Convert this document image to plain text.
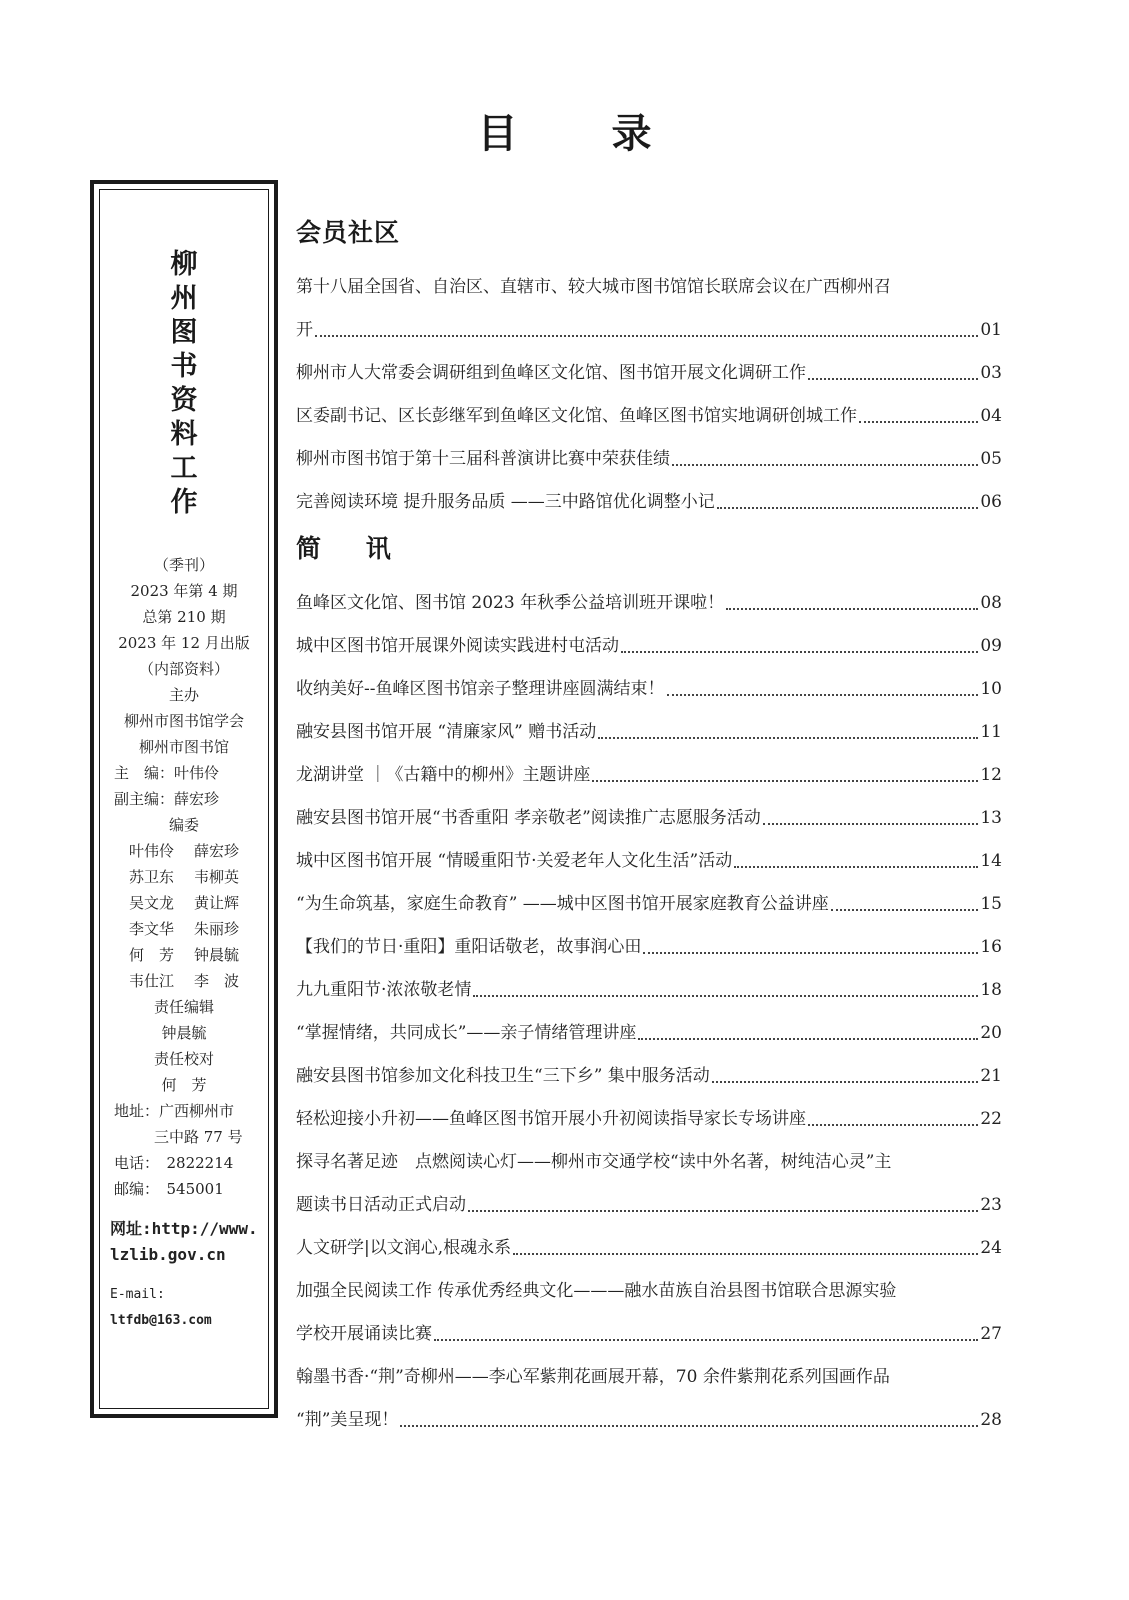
目 录
柳
州
图
书
资
料
工
作
（季刊）
2023 年第 4 期
总第 210 期
2023 年 12 月出版
（内部资料）
主办
柳州市图书馆学会
柳州市图书馆
主　编：叶伟伶
副主编：薛宏珍
编委
叶伟伶 薛宏珍
苏卫东 韦柳英
吴文龙 黄让辉
李文华 朱丽珍
何　芳 钟晨毓
韦仕江 李　波
责任编辑
钟晨毓
责任校对
何　芳
地址：广西柳州市
三中路 77 号
电话：　2822214
邮编：　545001
网址:http://www.
lzlib.gov.cn
E-mail:
ltfdb@163.com
会员社区
第十八届全国省、自治区、直辖市、较大城市图书馆馆长联席会议在广西柳州召
开	01
柳州市人大常委会调研组到鱼峰区文化馆、图书馆开展文化调研工作	03
区委副书记、区长彭继军到鱼峰区文化馆、鱼峰区图书馆实地调研创城工作	04
柳州市图书馆于第十三届科普演讲比赛中荣获佳绩	05
完善阅读环境 提升服务品质 ——三中路馆优化调整小记	06
简 讯
鱼峰区文化馆、图书馆 2023 年秋季公益培训班开课啦！	08
城中区图书馆开展课外阅读实践进村屯活动	09
收纳美好--鱼峰区图书馆亲子整理讲座圆满结束！	10
融安县图书馆开展 “清廉家风” 赠书活动	11
龙湖讲堂 ｜《古籍中的柳州》主题讲座	12
融安县图书馆开展“书香重阳 孝亲敬老”阅读推广志愿服务活动	13
城中区图书馆开展 “情暖重阳节·关爱老年人文化生活”活动	14
“为生命筑基，家庭生命教育” ——城中区图书馆开展家庭教育公益讲座	15
【我们的节日·重阳】重阳话敬老，故事润心田	16
九九重阳节·浓浓敬老情	18
“掌握情绪，共同成长”——亲子情绪管理讲座	20
融安县图书馆参加文化科技卫生“三下乡” 集中服务活动	21
轻松迎接小升初——鱼峰区图书馆开展小升初阅读指导家长专场讲座	22
探寻名著足迹　点燃阅读心灯——柳州市交通学校“读中外名著，树纯洁心灵”主
题读书日活动正式启动	23
人文研学|以文润心,根魂永系	24
加强全民阅读工作 传承优秀经典文化———融水苗族自治县图书馆联合思源实验
学校开展诵读比赛	27
翰墨书香·“荆”奇柳州——李心军紫荆花画展开幕，70 余件紫荆花系列国画作品
“荆”美呈现！	28
